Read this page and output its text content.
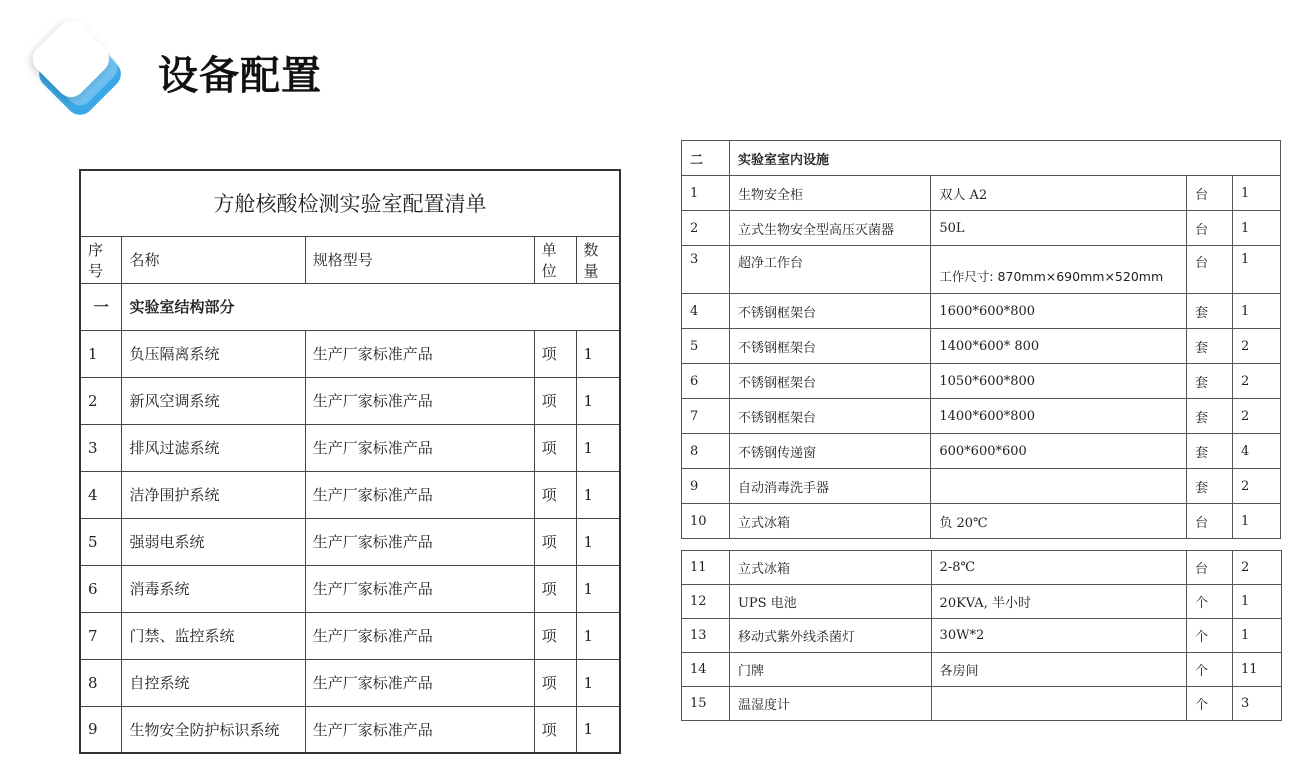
设备配置
方舱核酸检测实验室配置清单				
序号	名称	规格型号	单位	数量
一	实验室结构部分			
1	负压隔离系统	生产厂家标准产品	项	1
2	新风空调系统	生产厂家标准产品	项	1
3	排风过滤系统	生产厂家标准产品	项	1
4	洁净围护系统	生产厂家标准产品	项	1
5	强弱电系统	生产厂家标准产品	项	1
6	消毒系统	生产厂家标准产品	项	1
7	门禁、监控系统	生产厂家标准产品	项	1
8	自控系统	生产厂家标准产品	项	1
9	生物安全防护标识系统	生产厂家标准产品	项	1
二	实验室室内设施			
1	生物安全柜	双人 A2	台	1
2	立式生物安全型高压灭菌器	50L	台	1
3	超净工作台	工作尺寸: 870mm×690mm×520mm	台	1
4	不锈钢框架台	1600*600*800	套	1
5	不锈钢框架台	1400*600* 800	套	2
6	不锈钢框架台	1050*600*800	套	2
7	不锈钢框架台	1400*600*800	套	2
8	不锈钢传递窗	600*600*600	套	4
9	自动消毒洗手器		套	2
10	立式冰箱	负 20℃	台	1
11	立式冰箱	2-8℃	台	2
12	UPS 电池	20KVA, 半小时	个	1
13	移动式紫外线杀菌灯	30W*2	个	1
14	门牌	各房间	个	11
15	温湿度计		个	3
